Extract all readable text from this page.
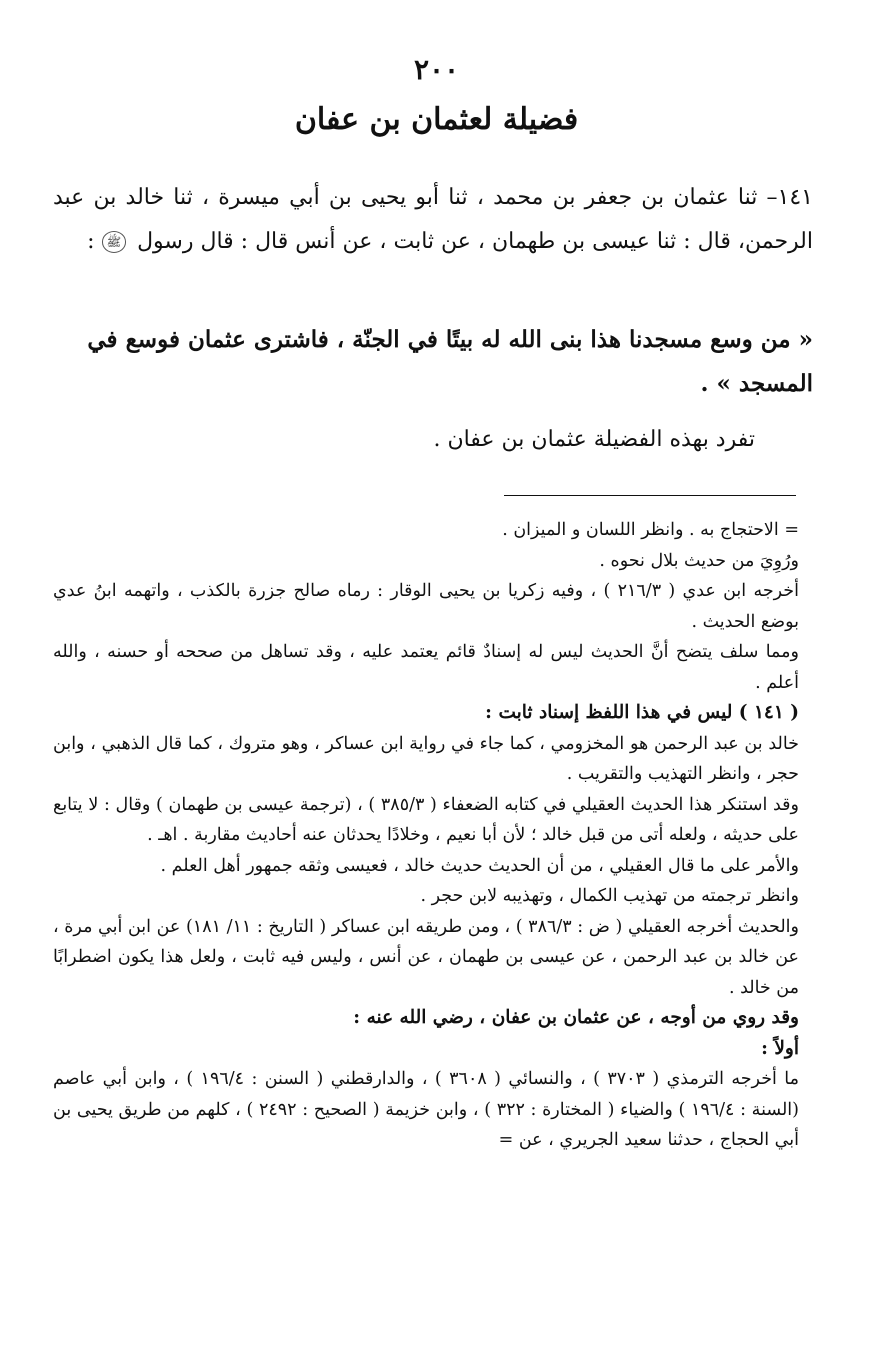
٢٠٠
فضيلة لعثمان بن عفان

١٤١– ثنا عثمان بن جعفر بن محمد ، ثنا أبو يحيى بن أبي ميسرة ، ثنا خالد بن عبد الرحمن، قال : ثنا عيسى بن طهمان ، عن ثابت ، عن أنس قال : قال رسول ﷺ :

« من وسع مسجدنا هذا بنى الله له بيتًا في الجنّة ، فاشترى عثمان فوسع في

المسجد » .

تفرد بهذه الفضيلة عثمان بن عفان .

= الاحتجاج به . وانظر اللسان و الميزان .

ورُوِيَ من حديث بلال نحوه .

أخرجه ابن عدي ( ٢١٦/٣ ) ، وفيه زكريا بن يحيى الوقار : رماه صالح جزرة بالكذب ، واتهمه ابنُ عدي بوضع الحديث .

ومما سلف يتضح أنَّ الحديث ليس له إسنادٌ قائم يعتمد عليه ، وقد تساهل من صححه أو حسنه ، والله أعلم .

( ١٤١ ) ليس في هذا اللفظ إسناد ثابت :

خالد بن عبد الرحمن هو المخزومي ، كما جاء في رواية ابن عساكر ، وهو متروك ، كما قال الذهبي ، وابن حجر ، وانظر التهذيب والتقريب .

وقد استنكر هذا الحديث العقيلي في كتابه الضعفاء ( ٣٨٥/٣ ) ، (ترجمة عيسى بن طهمان ) وقال : لا يتابع على حديثه ، ولعله أتى من قبل خالد ؛ لأن أبا نعيم ، وخلادًا يحدثان عنه أحاديث مقاربة . اهـ .

والأمر على ما قال العقيلي ، من أن الحديث حديث خالد ، فعيسى وثقه جمهور أهل العلم .

وانظر ترجمته من تهذيب الكمال ، وتهذيبه لابن حجر .

والحديث أخرجه العقيلي ( ض : ٣٨٦/٣ ) ، ومن طريقه ابن عساكر ( التاريخ : ١١/ ١٨١) عن ابن أبي مرة ، عن خالد بن عبد الرحمن ، عن عيسى بن طهمان ، عن أنس ، وليس فيه ثابت ، ولعل هذا يكون اضطرابًا من خالد .

وقد روي من أوجه ، عن عثمان بن عفان ، رضي الله عنه :

أولاً :

ما أخرجه الترمذي ( ٣٧٠٣ ) ، والنسائي ( ٣٦٠٨ ) ، والدارقطني ( السنن : ١٩٦/٤ ) ، وابن أبي عاصم (السنة : ١٩٦/٤ ) والضياء ( المختارة : ٣٢٢ ) ، وابن خزيمة ( الصحيح : ٢٤٩٢ ) ، كلهم من طريق يحيى بن أبي الحجاج ، حدثنا سعيد الجريري ، عن =
